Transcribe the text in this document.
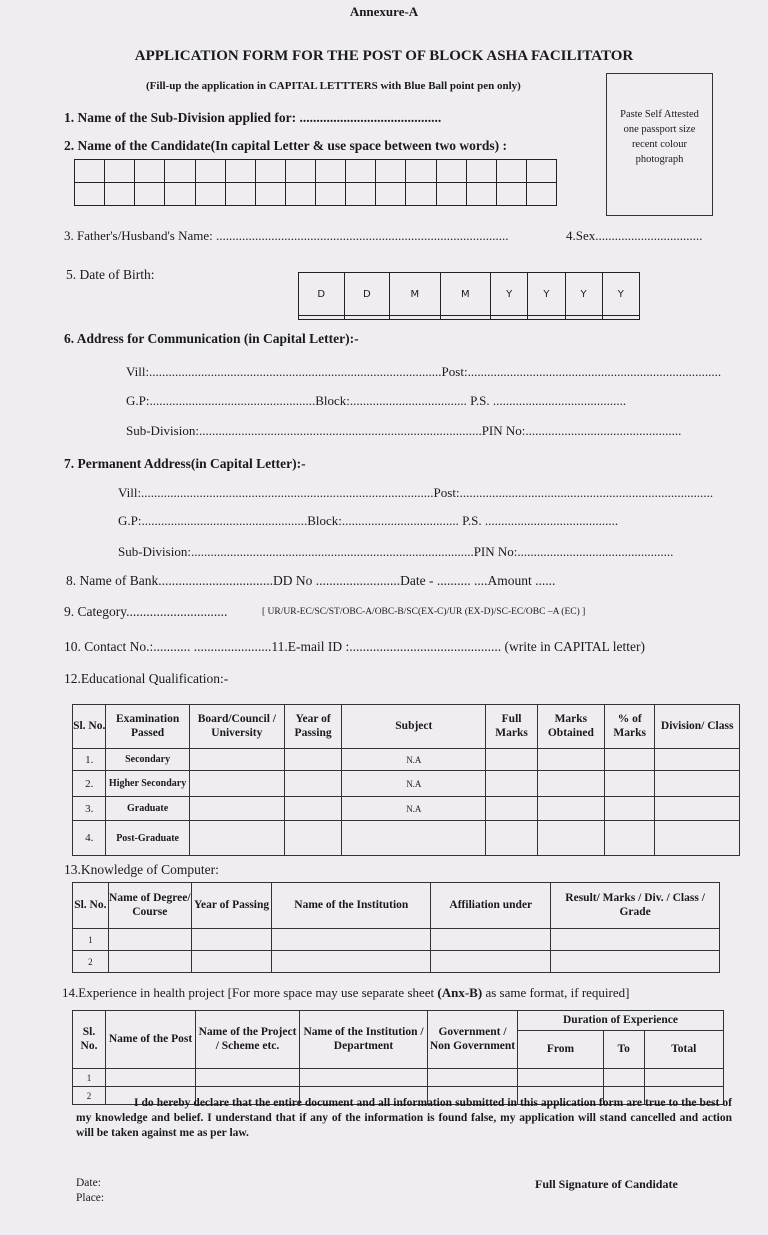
Annexure-A
APPLICATION FORM FOR THE POST OF BLOCK ASHA FACILITATOR
(Fill-up the application in CAPITAL LETTTERS with Blue Ball point pen only)
Paste Self Attested
one passport size
recent colour
photograph
1. Name of the Sub-Division applied for: ..........................................
2. Name of the Candidate(In capital Letter & use space between two words) :

3. Father's/Husband's Name: ..........................................................................................	4.Sex.................................
5. Date of Birth:
D	D	M	M	Y	Y	Y	Y

6. Address for Communication (in Capital Letter):-
Vill:..........................................................................................Post:..............................................................................
G.P:...................................................Block:.................................... P.S. .........................................
Sub-Division:.......................................................................................PIN No:................................................
7. Permanent Address(in Capital Letter):-
Vill:..........................................................................................Post:..............................................................................
G.P:...................................................Block:.................................... P.S. .........................................
Sub-Division:.......................................................................................PIN No:................................................
8. Name of Bank..................................DD No .........................Date - .......... ....Amount ......
9. Category..............................	[ UR/UR-EC/SC/ST/OBC-A/OBC-B/SC(EX-C)/UR (EX-D)/SC-EC/OBC –A (EC) ]
10. Contact No.:........... .......................11.E-mail ID :............................................. (write in CAPITAL letter)
12.Educational Qualification:-
Sl. No.	Examination Passed	Board/Council / University	Year of Passing	Subject	Full Marks	Marks Obtained	% of Marks	Division/ Class
1.	Secondary			N.A				
2.	Higher Secondary			N.A				
3.	Graduate			N.A				
4.	Post-Graduate							
13.Knowledge of Computer:
Sl. No.	Name of Degree/ Course	Year of Passing	Name of the Institution	Affiliation under	Result/ Marks / Div. / Class / Grade
1					
2					
14.Experience in health project [For more space may use separate sheet (Anx-B) as same format, if required]
Sl. No.	Name of the Post	Name of the Project / Scheme etc.	Name of the Institution / Department	Government / Non Government	Duration of Experience		
					From	To	Total
1							
2							
I do hereby declare that the entire document and all information submitted in this application form are true to the best of my knowledge and belief. I understand that if any of the information is found false, my application will stand cancelled and action will be taken against me as per law.
Date:
Place:
Full Signature of Candidate
